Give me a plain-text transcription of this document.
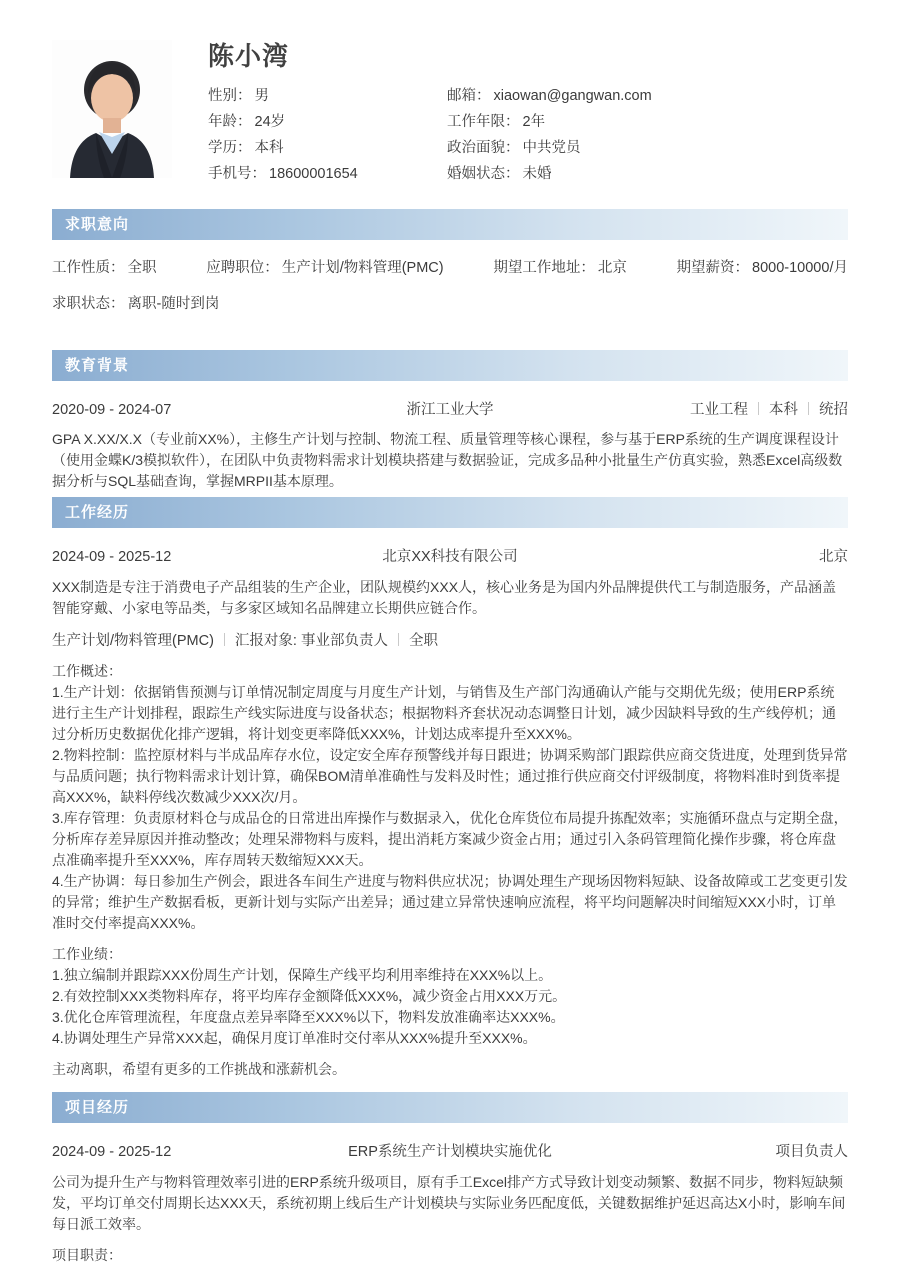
陈小湾
性别： 男	邮箱： xiaowan@gangwan.com
年龄： 24岁	工作年限： 2年
学历： 本科	政治面貌： 中共党员
手机号： 18600001654	婚姻状态： 未婚
求职意向
工作性质： 全职	应聘职位： 生产计划/物料管理(PMC)	期望工作地址： 北京	期望薪资： 8000-10000/月
求职状态： 离职-随时到岗
教育背景
2020-09 - 2024-07	浙江工业大学	工业工程 本科 统招

GPA X.XX/X.X（专业前XX%），主修生产计划与控制、物流工程、质量管理等核心课程，参与基于ERP系统的生产调度课程设计（使用金蝶K/3模拟软件），在团队中负责物料需求计划模块搭建与数据验证，完成多品种小批量生产仿真实验，熟悉Excel高级数据分析与SQL基础查询，掌握MRPII基本原理。

工作经历
2024-09 - 2025-12	北京XX科技有限公司	北京

XXX制造是专注于消费电子产品组装的生产企业，团队规模约XXX人，核心业务是为国内外品牌提供代工与制造服务，产品涵盖智能穿戴、小家电等品类，与多家区域知名品牌建立长期供应链合作。

生产计划/物料管理(PMC) 汇报对象: 事业部负责人 全职

工作概述：

1.生产计划：依据销售预测与订单情况制定周度与月度生产计划，与销售及生产部门沟通确认产能与交期优先级；使用ERP系统进行主生产计划排程，跟踪生产线实际进度与设备状态；根据物料齐套状况动态调整日计划，减少因缺料导致的生产线停机；通过分析历史数据优化排产逻辑，将计划变更率降低XXX%，计划达成率提升至XXX%。

2.物料控制：监控原材料与半成品库存水位，设定安全库存预警线并每日跟进；协调采购部门跟踪供应商交货进度，处理到货异常与品质问题；执行物料需求计划计算，确保BOM清单准确性与发料及时性；通过推行供应商交付评级制度，将物料准时到货率提高XXX%，缺料停线次数减少XXX次/月。

3.库存管理：负责原材料仓与成品仓的日常进出库操作与数据录入，优化仓库货位布局提升拣配效率；实施循环盘点与定期全盘，分析库存差异原因并推动整改；处理呆滞物料与废料，提出消耗方案减少资金占用；通过引入条码管理简化操作步骤，将仓库盘点准确率提升至XXX%，库存周转天数缩短XXX天。

4.生产协调：每日参加生产例会，跟进各车间生产进度与物料供应状况；协调处理生产现场因物料短缺、设备故障或工艺变更引发的异常；维护生产数据看板，更新计划与实际产出差异；通过建立异常快速响应流程，将平均问题解决时间缩短XXX小时，订单准时交付率提高XXX%。

工作业绩：

1.独立编制并跟踪XXX份周生产计划，保障生产线平均利用率维持在XXX%以上。

2.有效控制XXX类物料库存，将平均库存金额降低XXX%，减少资金占用XXX万元。

3.优化仓库管理流程，年度盘点差异率降至XXX%以下，物料发放准确率达XXX%。

4.协调处理生产异常XXX起，确保月度订单准时交付率从XXX%提升至XXX%。

主动离职，希望有更多的工作挑战和涨薪机会。

项目经历
2024-09 - 2025-12	ERP系统生产计划模块实施优化	项目负责人

公司为提升生产与物料管理效率引进的ERP系统升级项目，原有手工Excel排产方式导致计划变动频繁、数据不同步，物料短缺频发，平均订单交付周期长达XXX天，系统初期上线后生产计划模块与实际业务匹配度低，关键数据维护延迟高达X小时，影响车间每日派工效率。

项目职责：
